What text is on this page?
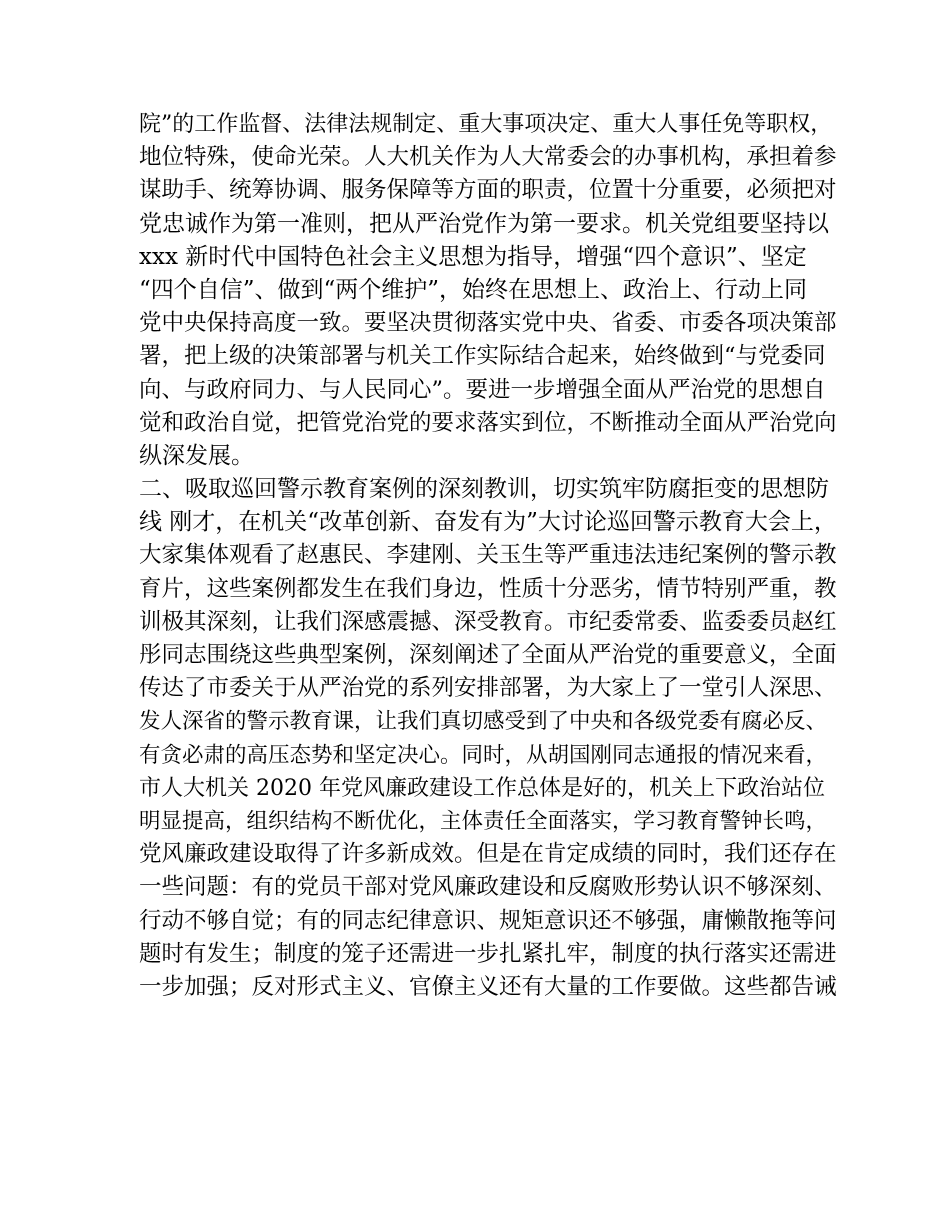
院”的工作监督、法律法规制定、重大事项决定、重大人事任免等职权，
地位特殊，使命光荣。人大机关作为人大常委会的办事机构，承担着参
谋助手、统筹协调、服务保障等方面的职责，位置十分重要，必须把对
党忠诚作为第一准则，把从严治党作为第一要求。机关党组要坚持以
xxx 新时代中国特色社会主义思想为指导，增强“四个意识”、坚定
“四个自信”、做到“两个维护”，始终在思想上、政治上、行动上同
党中央保持高度一致。要坚决贯彻落实党中央、省委、市委各项决策部
署，把上级的决策部署与机关工作实际结合起来，始终做到“与党委同
向、与政府同力、与人民同心”。要进一步增强全面从严治党的思想自
觉和政治自觉，把管党治党的要求落实到位，不断推动全面从严治党向
纵深发展。
二、吸取巡回警示教育案例的深刻教训，切实筑牢防腐拒变的思想防
线 刚才，在机关“改革创新、奋发有为”大讨论巡回警示教育大会上，
大家集体观看了赵惠民、李建刚、关玉生等严重违法违纪案例的警示教
育片，这些案例都发生在我们身边，性质十分恶劣，情节特别严重，教
训极其深刻，让我们深感震撼、深受教育。市纪委常委、监委委员赵红
彤同志围绕这些典型案例，深刻阐述了全面从严治党的重要意义，全面
传达了市委关于从严治党的系列安排部署，为大家上了一堂引人深思、
发人深省的警示教育课，让我们真切感受到了中央和各级党委有腐必反、
有贪必肃的高压态势和坚定决心。同时，从胡国刚同志通报的情况来看，
市人大机关 2020 年党风廉政建设工作总体是好的，机关上下政治站位
明显提高，组织结构不断优化，主体责任全面落实，学习教育警钟长鸣，
党风廉政建设取得了许多新成效。但是在肯定成绩的同时，我们还存在
一些问题：有的党员干部对党风廉政建设和反腐败形势认识不够深刻、
行动不够自觉；有的同志纪律意识、规矩意识还不够强，庸懒散拖等问
题时有发生；制度的笼子还需进一步扎紧扎牢，制度的执行落实还需进
一步加强；反对形式主义、官僚主义还有大量的工作要做。这些都告诫
